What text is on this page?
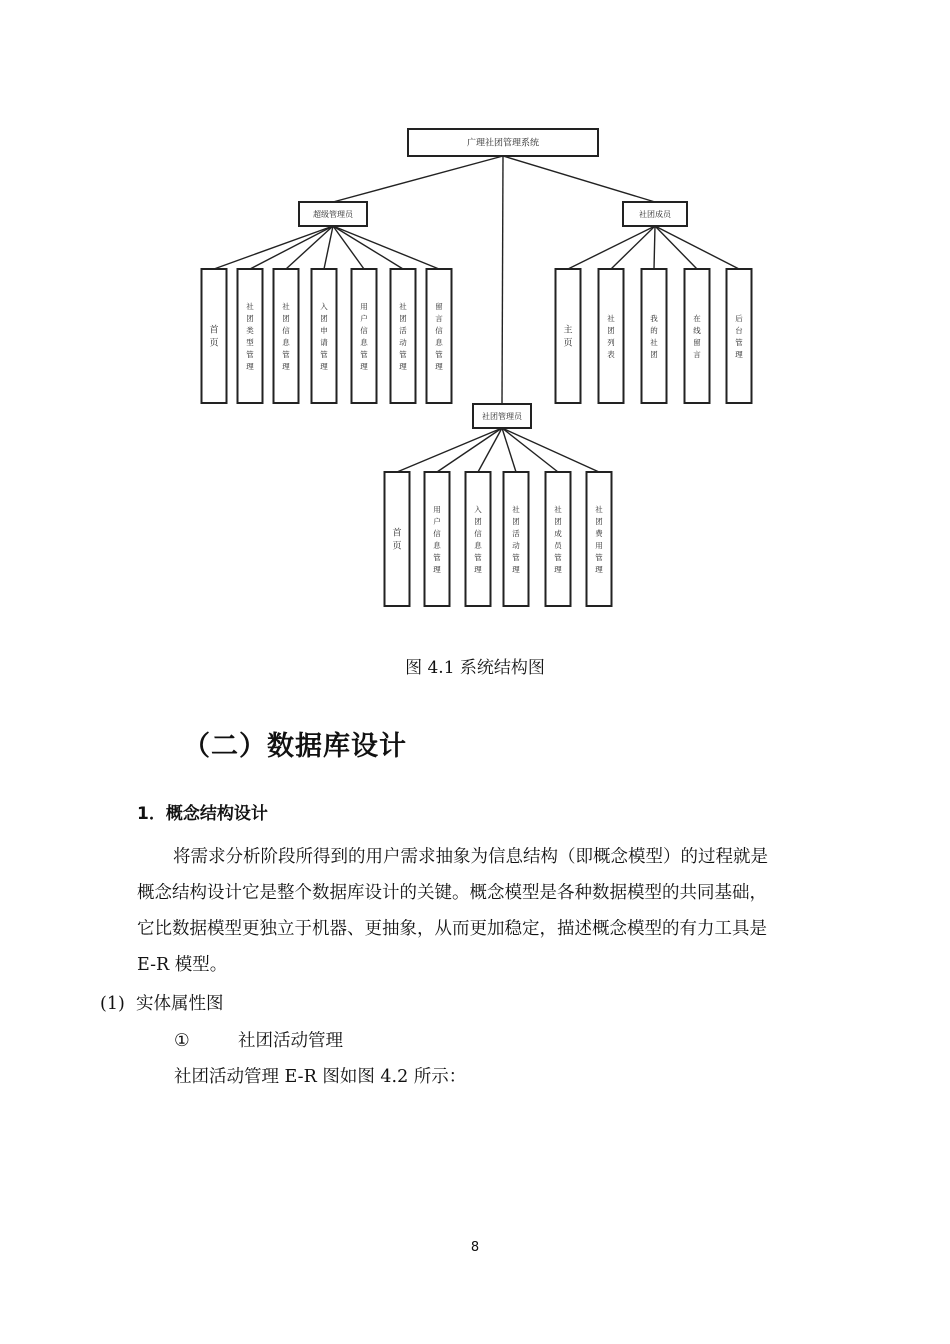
广理社团管理系统
超级管理员
首页
社团类型管理
社团信息管理
入团申请管理
用户信息管理
社团活动管理
留言信息管理
社团成员
主页
社团列表
我的社团
在线留言
后台管理
社团管理员
首页
用户信息管理
入团信息管理
社团活动管理
社团成员管理
社团费用管理
图 4.1 系统结构图
（二）数据库设计
1．概念结构设计
将需求分析阶段所得到的用户需求抽象为信息结构（即概念模型）的过程就是
概念结构设计它是整个数据库设计的关键。概念模型是各种数据模型的共同基础，
它比数据模型更独立于机器、更抽象，从而更加稳定，描述概念模型的有力工具是
E-R 模型。
(1) 实体属性图
①	社团活动管理
社团活动管理 E-R 图如图 4.2 所示：
8
